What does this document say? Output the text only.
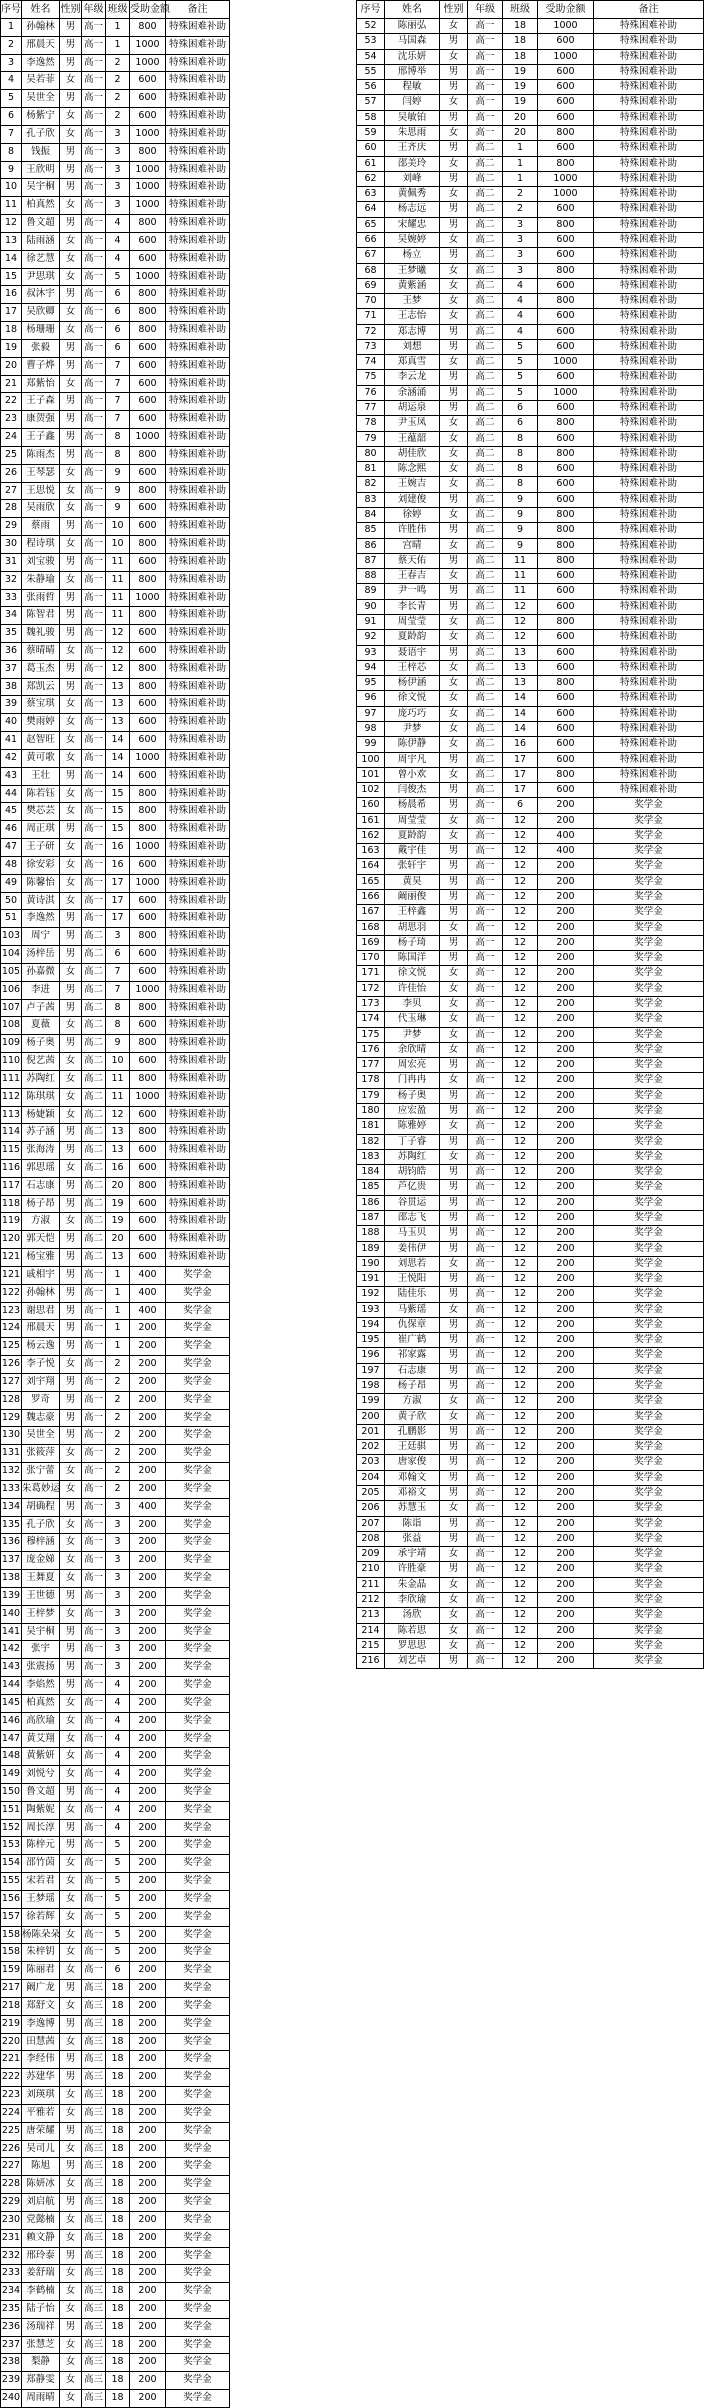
序号	姓名	性别	年级	班级	受助金额	备注
1	孙翰林	男	高一	1	800	特殊困难补助
2	邢晨天	男	高一	1	1000	特殊困难补助
3	李逸然	男	高一	2	1000	特殊困难补助
4	吴若菲	女	高一	2	600	特殊困难补助
5	吴世全	男	高一	2	600	特殊困难补助
6	杨紫宁	女	高一	2	600	特殊困难补助
7	孔子欣	女	高一	3	1000	特殊困难补助
8	钱振	男	高一	3	800	特殊困难补助
9	王欣明	男	高一	3	1000	特殊困难补助
10	吴宇桐	男	高一	3	1000	特殊困难补助
11	柏真然	女	高一	3	1000	特殊困难补助
12	鲁文超	男	高一	4	800	特殊困难补助
13	陆雨涵	女	高一	4	600	特殊困难补助
14	徐艺慧	女	高一	4	600	特殊困难补助
15	尹思琪	女	高一	5	1000	特殊困难补助
16	叔沐宇	男	高一	6	800	特殊困难补助
17	吴欣卿	女	高一	6	800	特殊困难补助
18	杨珊珊	女	高一	6	800	特殊困难补助
19	张毅	男	高一	6	600	特殊困难补助
20	曹子烨	男	高一	7	600	特殊困难补助
21	郑紫怡	女	高一	7	600	特殊困难补助
22	王子森	男	高一	7	600	特殊困难补助
23	康贺强	男	高一	7	600	特殊困难补助
24	王子鑫	男	高一	8	1000	特殊困难补助
25	陈雨杰	男	高一	8	800	特殊困难补助
26	王琴瑟	女	高一	9	600	特殊困难补助
27	王思悦	女	高一	9	800	特殊困难补助
28	吴雨欣	女	高一	9	600	特殊困难补助
29	蔡雨	男	高一	10	600	特殊困难补助
30	程诗琪	女	高一	10	800	特殊困难补助
31	刘宝骏	男	高一	11	600	特殊困难补助
32	朱静瑜	女	高一	11	800	特殊困难补助
33	张雨哲	男	高一	11	1000	特殊困难补助
34	陈智君	男	高一	11	800	特殊困难补助
35	魏礼骏	男	高一	12	600	特殊困难补助
36	蔡晴晴	女	高一	12	600	特殊困难补助
37	葛玉杰	男	高一	12	800	特殊困难补助
38	郑凯云	男	高一	13	800	特殊困难补助
39	蔡宝琪	女	高一	13	600	特殊困难补助
40	樊雨婷	女	高一	13	600	特殊困难补助
41	赵智旺	女	高一	14	600	特殊困难补助
42	黄可歌	女	高一	14	1000	特殊困难补助
43	王壮	男	高一	14	600	特殊困难补助
44	陈若钰	女	高一	15	800	特殊困难补助
45	樊芯芸	女	高一	15	800	特殊困难补助
46	周正琪	男	高一	15	800	特殊困难补助
47	王子研	女	高一	16	1000	特殊困难补助
48	徐安彩	女	高一	16	600	特殊困难补助
49	陈馨怡	女	高一	17	1000	特殊困难补助
50	黄诗淇	女	高一	17	600	特殊困难补助
51	李逸然	男	高一	17	600	特殊困难补助
103	周宁	男	高二	3	800	特殊困难补助
104	汤梓岳	男	高二	6	600	特殊困难补助
105	孙嘉微	女	高二	7	600	特殊困难补助
106	李进	男	高二	7	1000	特殊困难补助
107	卢子茜	男	高二	8	800	特殊困难补助
108	夏薇	女	高二	8	600	特殊困难补助
109	杨子奥	男	高二	9	800	特殊困难补助
110	倪艺茜	女	高二	10	600	特殊困难补助
111	苏陶红	女	高二	11	800	特殊困难补助
112	陈琪琪	女	高二	11	1000	特殊困难补助
113	杨婕颖	女	高二	12	600	特殊困难补助
114	苏子涵	男	高二	13	800	特殊困难补助
115	张海涛	男	高二	13	600	特殊困难补助
116	郭思瑶	女	高二	16	600	特殊困难补助
117	石志康	男	高二	20	800	特殊困难补助
118	杨子昂	男	高二	19	600	特殊困难补助
119	方淑	女	高二	19	600	特殊困难补助
120	郭天恺	男	高二	20	600	特殊困难补助
121	杨宝雅	男	高二	13	600	特殊困难补助
121	戚相宇	男	高一	1	400	奖学金
122	孙翰林	男	高一	1	400	奖学金
123	谢思君	男	高一	1	400	奖学金
124	邢晨天	男	高一	1	200	奖学金
125	杨云逸	男	高一	1	200	奖学金
126	李子悦	女	高一	2	200	奖学金
127	刘宇翔	男	高一	2	200	奖学金
128	罗奇	男	高一	2	200	奖学金
129	魏志豪	男	高一	2	200	奖学金
130	吴世全	男	高一	2	200	奖学金
131	张筱萍	女	高一	2	200	奖学金
132	张宁蕾	女	高一	2	200	奖学金
133	朱葛妙运	女	高一	2	200	奖学金
134	胡确程	男	高一	3	400	奖学金
135	孔子欣	女	高一	3	200	奖学金
136	穆梓涵	女	高一	3	200	奖学金
137	庞金娣	女	高一	3	200	奖学金
138	王舞夏	女	高一	3	200	奖学金
139	王世德	男	高一	3	200	奖学金
140	王梓梦	女	高一	3	200	奖学金
141	吴宇桐	男	高一	3	200	奖学金
142	张宇	男	高一	3	200	奖学金
143	张震扬	男	高一	3	200	奖学金
144	李焰然	男	高一	4	200	奖学金
145	柏真然	女	高一	4	200	奖学金
146	高欣瑜	女	高一	4	200	奖学金
147	黄艾翔	女	高一	4	200	奖学金
148	黄紫妍	女	高一	4	200	奖学金
149	刘悦兮	女	高一	4	200	奖学金
150	鲁文超	男	高一	4	200	奖学金
151	陶紫妮	女	高一	4	200	奖学金
152	周长淳	男	高一	4	200	奖学金
153	陈梓元	男	高一	5	200	奖学金
154	邵竹茵	女	高一	5	200	奖学金
155	宋若君	女	高一	5	200	奖学金
156	王梦瑶	女	高一	5	200	奖学金
157	徐若辉	女	高一	5	200	奖学金
158	杨陈朵朵	女	高一	5	200	奖学金
158	朱梓钥	女	高一	5	200	奖学金
159	陈丽君	女	高一	6	200	奖学金
217	阚广龙	男	高三	18	200	奖学金
218	郑舒文	女	高三	18	200	奖学金
219	李逸博	男	高三	18	200	奖学金
220	田慧茜	女	高三	18	200	奖学金
221	李经伟	男	高三	18	200	奖学金
222	苏建华	男	高三	18	200	奖学金
223	刘瑛琪	女	高三	18	200	奖学金
224	平雅若	女	高三	18	200	奖学金
225	唐荣耀	男	高三	18	200	奖学金
226	吴司儿	女	高三	18	200	奖学金
227	陈旭	男	高三	18	200	奖学金
228	陈妍冰	女	高三	18	200	奖学金
229	刘启航	男	高三	18	200	奖学金
230	党懿楠	女	高三	18	200	奖学金
231	赖文静	女	高三	18	200	奖学金
232	邢玲泰	男	高三	18	200	奖学金
233	姜舒瑞	女	高三	18	200	奖学金
234	李鹤楠	女	高三	18	200	奖学金
235	陆子怡	女	高三	18	200	奖学金
236	汤瑞祥	男	高三	18	200	奖学金
237	张慧芝	女	高三	18	200	奖学金
238	梨静	女	高三	18	200	奖学金
239	郑静雯	女	高三	18	200	奖学金
240	周雨晴	女	高三	18	200	奖学金
序号	姓名	性别	年级	班级	受助金额	备注
52	陈丽弘	女	高一	18	1000	特殊困难补助
53	马国森	男	高一	18	600	特殊困难补助
54	沈乐妍	女	高一	18	1000	特殊困难补助
55	邢博举	男	高一	19	600	特殊困难补助
56	程敏	男	高一	19	600	特殊困难补助
57	闫婷	女	高一	19	600	特殊困难补助
58	吴敏铂	男	高一	20	600	特殊困难补助
59	朱思雨	女	高一	20	800	特殊困难补助
60	王齐庆	男	高二	1	600	特殊困难补助
61	邵美玲	女	高二	1	800	特殊困难补助
62	刘峰	男	高二	1	1000	特殊困难补助
63	黄佩秀	女	高二	2	1000	特殊困难补助
64	杨志远	男	高二	2	600	特殊困难补助
65	宋耀忠	男	高二	3	800	特殊困难补助
66	吴婉婷	女	高二	3	600	特殊困难补助
67	杨立	男	高二	3	600	特殊困难补助
68	王梦曦	女	高二	3	800	特殊困难补助
69	黄紫涵	女	高二	4	600	特殊困难补助
70	王梦	女	高二	4	800	特殊困难补助
71	王志怡	女	高二	4	600	特殊困难补助
72	郑志博	男	高二	4	600	特殊困难补助
73	刘想	男	高二	5	600	特殊困难补助
74	郑真雪	女	高二	5	1000	特殊困难补助
75	李云龙	男	高二	5	600	特殊困难补助
76	余涵涌	男	高二	5	1000	特殊困难补助
77	胡运泉	男	高二	6	600	特殊困难补助
78	尹玉凤	女	高二	6	800	特殊困难补助
79	王蕴韶	女	高二	8	600	特殊困难补助
80	胡佳欣	女	高二	8	800	特殊困难补助
81	陈念熙	女	高二	8	600	特殊困难补助
82	王婉吉	女	高二	8	600	特殊困难补助
83	刘建俊	男	高二	9	600	特殊困难补助
84	徐婷	女	高二	9	800	特殊困难补助
85	许胜伟	男	高二	9	800	特殊困难补助
86	宫晴	女	高二	9	800	特殊困难补助
87	蔡天佑	男	高二	11	800	特殊困难补助
88	王春吉	女	高二	11	600	特殊困难补助
89	尹一鸣	男	高二	11	600	特殊困难补助
90	李长青	男	高二	12	600	特殊困难补助
91	周莹莹	女	高二	12	800	特殊困难补助
92	夏龄韵	女	高二	12	600	特殊困难补助
93	聂语宇	男	高二	13	600	特殊困难补助
94	王梓芯	女	高二	13	600	特殊困难补助
95	杨伊涵	女	高二	13	800	特殊困难补助
96	徐文悦	女	高二	14	600	特殊困难补助
97	庞巧巧	女	高二	14	600	特殊困难补助
98	尹梦	女	高二	14	600	特殊困难补助
99	陈伊静	女	高二	16	600	特殊困难补助
100	周宇凡	男	高二	17	600	特殊困难补助
101	曾小欢	女	高二	17	800	特殊困难补助
102	闫俊杰	男	高二	17	600	特殊困难补助
160	杨晨希	男	高一	6	200	奖学金
161	周莹莹	女	高一	12	200	奖学金
162	夏龄韵	女	高一	12	400	奖学金
163	戴宇佳	男	高一	12	400	奖学金
164	张轩宇	男	高一	12	200	奖学金
165	黄昊	男	高一	12	200	奖学金
166	阚丽俊	男	高一	12	200	奖学金
167	王梓鑫	男	高一	12	200	奖学金
168	胡思羽	女	高一	12	200	奖学金
169	杨子琦	男	高一	12	200	奖学金
170	陈国洋	男	高一	12	200	奖学金
171	徐文悦	女	高一	12	200	奖学金
172	许佳怡	女	高一	12	200	奖学金
173	李贝	女	高一	12	200	奖学金
174	代玉琳	女	高一	12	200	奖学金
175	尹梦	女	高一	12	200	奖学金
176	余欣晴	女	高一	12	200	奖学金
177	周宏亮	男	高一	12	200	奖学金
178	门冉冉	女	高一	12	200	奖学金
179	杨子奥	男	高一	12	200	奖学金
180	应宏盈	男	高一	12	200	奖学金
181	陈雅婷	女	高一	12	200	奖学金
182	丁子睿	男	高一	12	200	奖学金
183	苏陶红	女	高一	12	200	奖学金
184	胡钧皓	男	高一	12	200	奖学金
185	芦亿贵	男	高一	12	200	奖学金
186	谷贯运	男	高一	12	200	奖学金
187	邵志飞	男	高一	12	200	奖学金
188	马玉贝	男	高一	12	200	奖学金
189	姜伟伊	男	高一	12	200	奖学金
190	刘思若	女	高一	12	200	奖学金
191	王悦阳	男	高一	12	200	奖学金
192	陆佳乐	男	高一	12	200	奖学金
193	马紫瑶	女	高一	12	200	奖学金
194	仇保章	男	高一	12	200	奖学金
195	崔广鹤	男	高一	12	200	奖学金
196	祁家露	男	高一	12	200	奖学金
197	石志康	男	高一	12	200	奖学金
198	杨子昂	男	高一	12	200	奖学金
199	方淑	女	高一	12	200	奖学金
200	黄子欣	女	高一	12	200	奖学金
201	孔鹏影	男	高一	12	200	奖学金
202	王廷骐	男	高一	12	200	奖学金
203	唐家俊	男	高一	12	200	奖学金
204	邓翰文	男	高一	12	200	奖学金
205	邓裕文	男	高一	12	200	奖学金
206	苏慧玉	女	高一	12	200	奖学金
207	陈诣	男	高一	12	200	奖学金
208	张益	男	高一	12	200	奖学金
209	承宇靖	女	高一	12	200	奖学金
210	许胜豪	男	高一	12	200	奖学金
211	朱金晶	女	高一	12	200	奖学金
212	李欣瑜	女	高一	12	200	奖学金
213	汤欣	女	高一	12	200	奖学金
214	陈若思	女	高一	12	200	奖学金
215	罗思思	女	高一	12	200	奖学金
216	刘艺卓	男	高一	12	200	奖学金
